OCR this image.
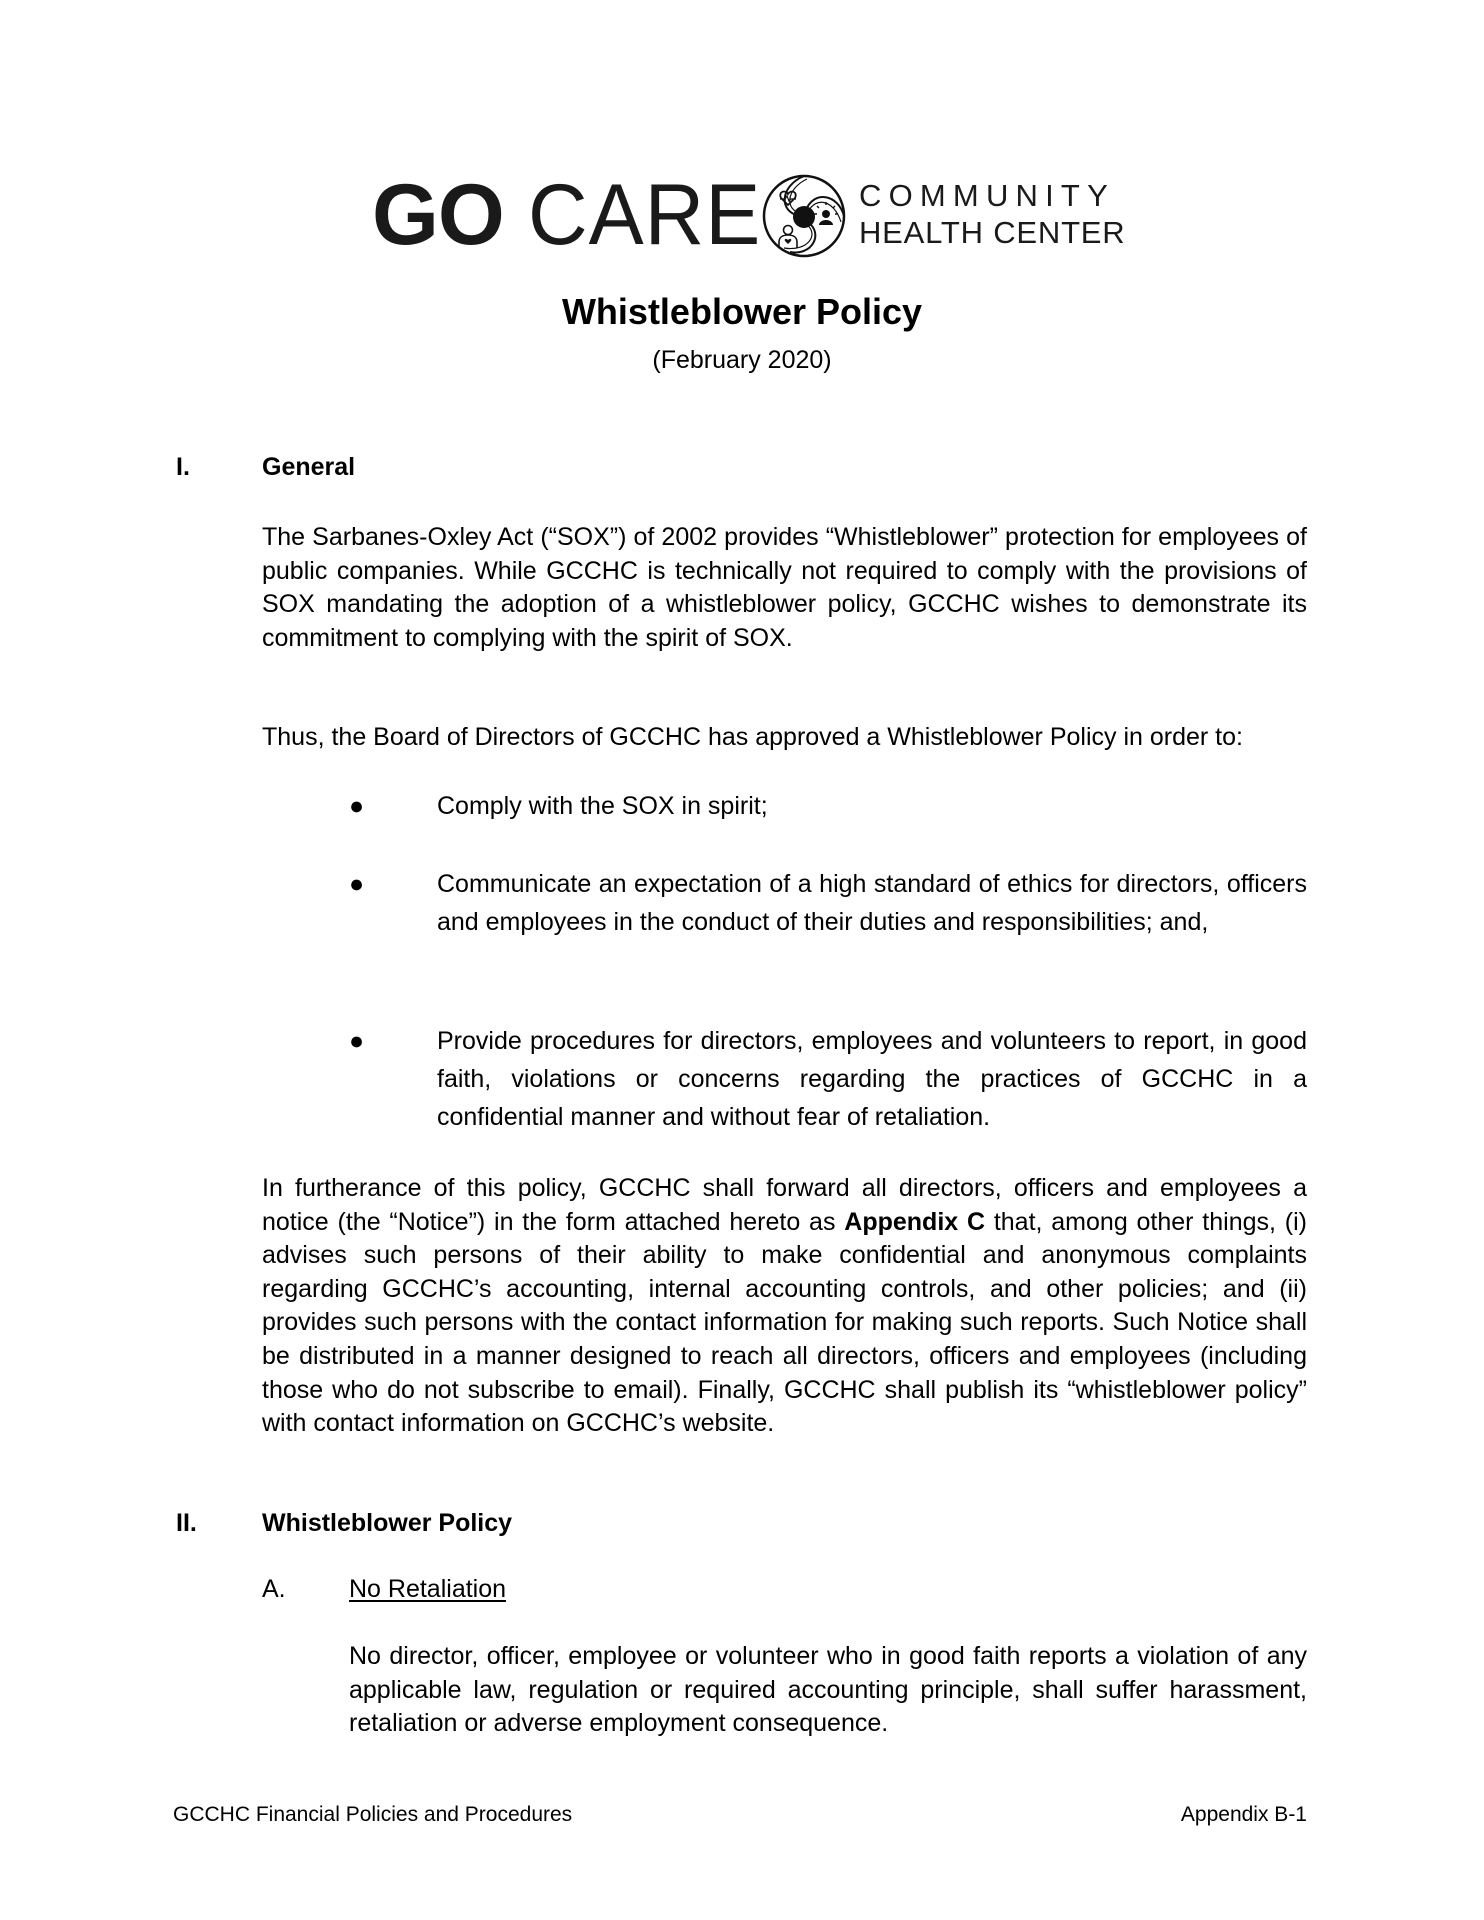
GO CARE	COMMUNITY
HEALTH CENTER
Whistleblower Policy
(February 2020)
I.	General
The Sarbanes-Oxley Act (“SOX”) of 2002 provides “Whistleblower” protection for employees of public companies. While GCCHC is technically not required to comply with the provisions of SOX mandating the adoption of a whistleblower policy, GCCHC wishes to demonstrate its commitment to complying with the spirit of SOX.
Thus, the Board of Directors of GCCHC has approved a Whistleblower Policy in order to:
●	Comply with the SOX in spirit;
●	Communicate an expectation of a high standard of ethics for directors, officers and employees in the conduct of their duties and responsibilities; and,
●	Provide procedures for directors, employees and volunteers to report, in good faith, violations or concerns regarding the practices of GCCHC in a confidential manner and without fear of retaliation.
In furtherance of this policy, GCCHC shall forward all directors, officers and employees a notice (the “Notice”) in the form attached hereto as Appendix C that, among other things, (i) advises such persons of their ability to make confidential and anonymous complaints regarding GCCHC’s accounting, internal accounting controls, and other policies; and (ii) provides such persons with the contact information for making such reports. Such Notice shall be distributed in a manner designed to reach all directors, officers and employees (including those who do not subscribe to email). Finally, GCCHC shall publish its “whistleblower policy” with contact information on GCCHC’s website.
II.	Whistleblower Policy
A.	No Retaliation
No director, officer, employee or volunteer who in good faith reports a violation of any applicable law, regulation or required accounting principle, shall suffer harassment, retaliation or adverse employment consequence.
GCCHC Financial Policies and Procedures	Appendix B-1
